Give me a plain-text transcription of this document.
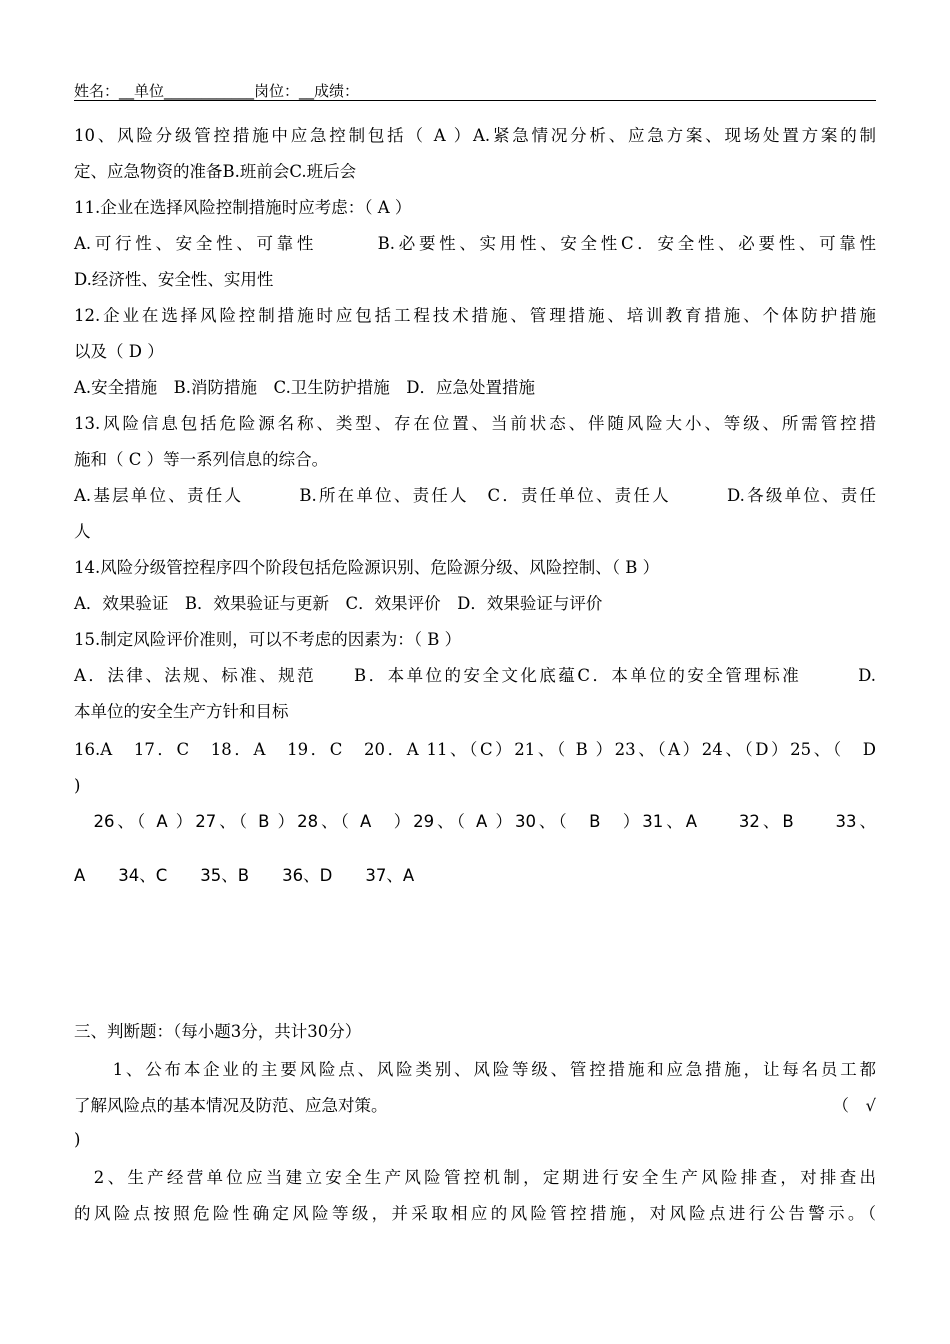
姓名：__单位____________岗位：__成绩：
10、风险分级管控措施中应急控制包括（ A ）A.紧急情况分析、应急方案、现场处置方案的制
定、应急物资的准备B.班前会C.班后会
11.企业在选择风险控制措施时应考虑：（ A ）
A.可行性、安全性、可靠性　　　B.必要性、实用性、安全性C．安全性、必要性、可靠性
D.经济性、安全性、实用性
12.企业在选择风险控制措施时应包括工程技术措施、管理措施、培训教育措施、个体防护措施
以及（ D ）
A.安全措施　B.消防措施　C.卫生防护措施　D．应急处置措施
13.风险信息包括危险源名称、类型、存在位置、当前状态、伴随风险大小、等级、所需管控措
施和（ C ）等一系列信息的综合。
A.基层单位、责任人　　　B.所在单位、责任人　C．责任单位、责任人　　　D.各级单位、责任
人
14.风险分级管控程序四个阶段包括危险源识别、危险源分级、风险控制、（ B ）
A．效果验证　B．效果验证与更新　C．效果评价　D．效果验证与评价
15.制定风险评价准则，可以不考虑的因素为：（ B ）
A．法律、法规、标准、规范　　B．本单位的安全文化底蕴C．本单位的安全管理标准　　　D.
本单位的安全生产方针和目标
16.A　17．C　18．A　19．C　20．A 11、（C）21、（ B ）23、（A）24、（D）25、（　D
)
　26、（ A ）27、（ B ）28、（ A　）29、（ A ）30、（　B　）31、A　　32、B　　33、
A　　34、C　　35、B　　36、D　　37、A
三、判断题：（每小题3分，共计30分）
　　1、公布本企业的主要风险点、风险类别、风险等级、管控措施和应急措施，让每名员工都
了解风险点的基本情况及防范、应急对策。	（　√
)
　2、生产经营单位应当建立安全生产风险管控机制，定期进行安全生产风险排查，对排查出
的风险点按照危险性确定风险等级，并采取相应的风险管控措施，对风险点进行公告警示。（
